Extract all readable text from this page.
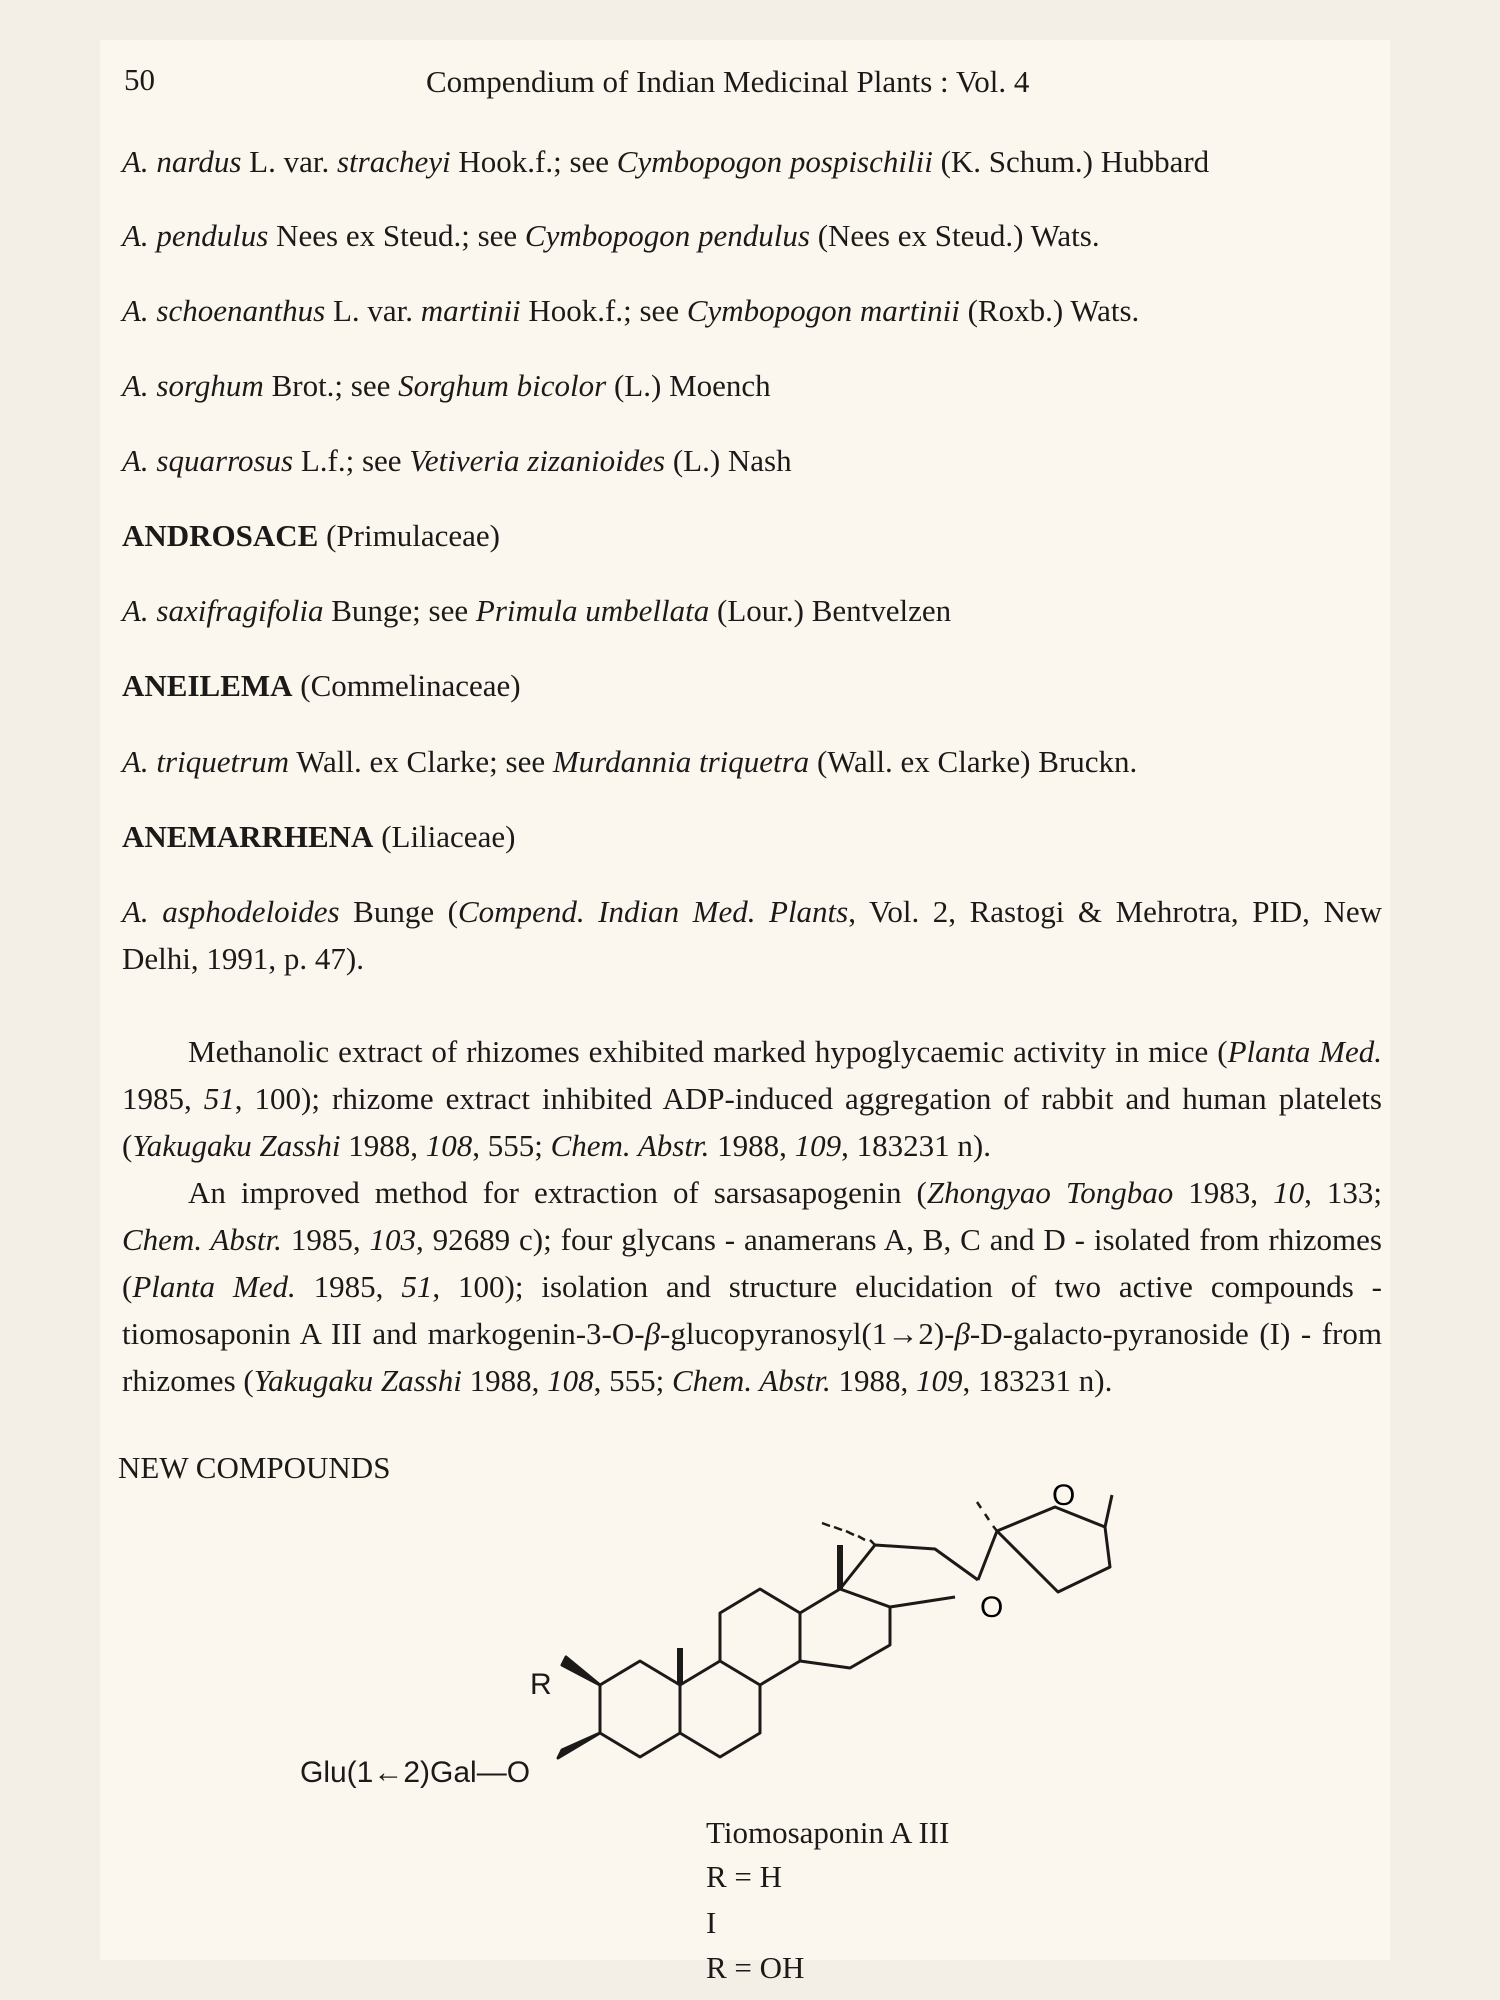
50	Compendium of Indian Medicinal Plants : Vol. 4
A. nardus L. var. stracheyi Hook.f.; see Cymbopogon pospischilii (K. Schum.) Hubbard
A. pendulus Nees ex Steud.; see Cymbopogon pendulus (Nees ex Steud.) Wats.
A. schoenanthus L. var. martinii Hook.f.; see Cymbopogon martinii (Roxb.) Wats.
A. sorghum Brot.; see Sorghum bicolor (L.) Moench
A. squarrosus L.f.; see Vetiveria zizanioides (L.) Nash
ANDROSACE (Primulaceae)
A. saxifragifolia Bunge; see Primula umbellata (Lour.) Bentvelzen
ANEILEMA (Commelinaceae)
A. triquetrum Wall. ex Clarke; see Murdannia triquetra (Wall. ex Clarke) Bruckn.
ANEMARRHENA (Liliaceae)
A. asphodeloides Bunge (Compend. Indian Med. Plants, Vol. 2, Rastogi & Mehrotra, PID, New Delhi, 1991, p. 47).
Methanolic extract of rhizomes exhibited marked hypoglycaemic activity in mice (Planta Med. 1985, 51, 100); rhizome extract inhibited ADP-induced aggregation of rabbit and human platelets (Yakugaku Zasshi 1988, 108, 555; Chem. Abstr. 1988, 109, 183231 n).
An improved method for extraction of sarsasapogenin (Zhongyao Tongbao 1983, 10, 133; Chem. Abstr. 1985, 103, 92689 c); four glycans - anamerans A, B, C and D - isolated from rhizomes (Planta Med. 1985, 51, 100); isolation and structure elucidation of two active compounds - tiomosaponin A III and markogenin-3-O-β-glucopyranosyl(1→2)-β-D-galacto-pyranoside (I) - from rhizomes (Yakugaku Zasshi 1988, 108, 555; Chem. Abstr. 1988, 109, 183231 n).
NEW COMPOUNDS
O
O
R
Glu(1←2)Gal—O
Tiomosaponin A III
R = H
I
R = OH
